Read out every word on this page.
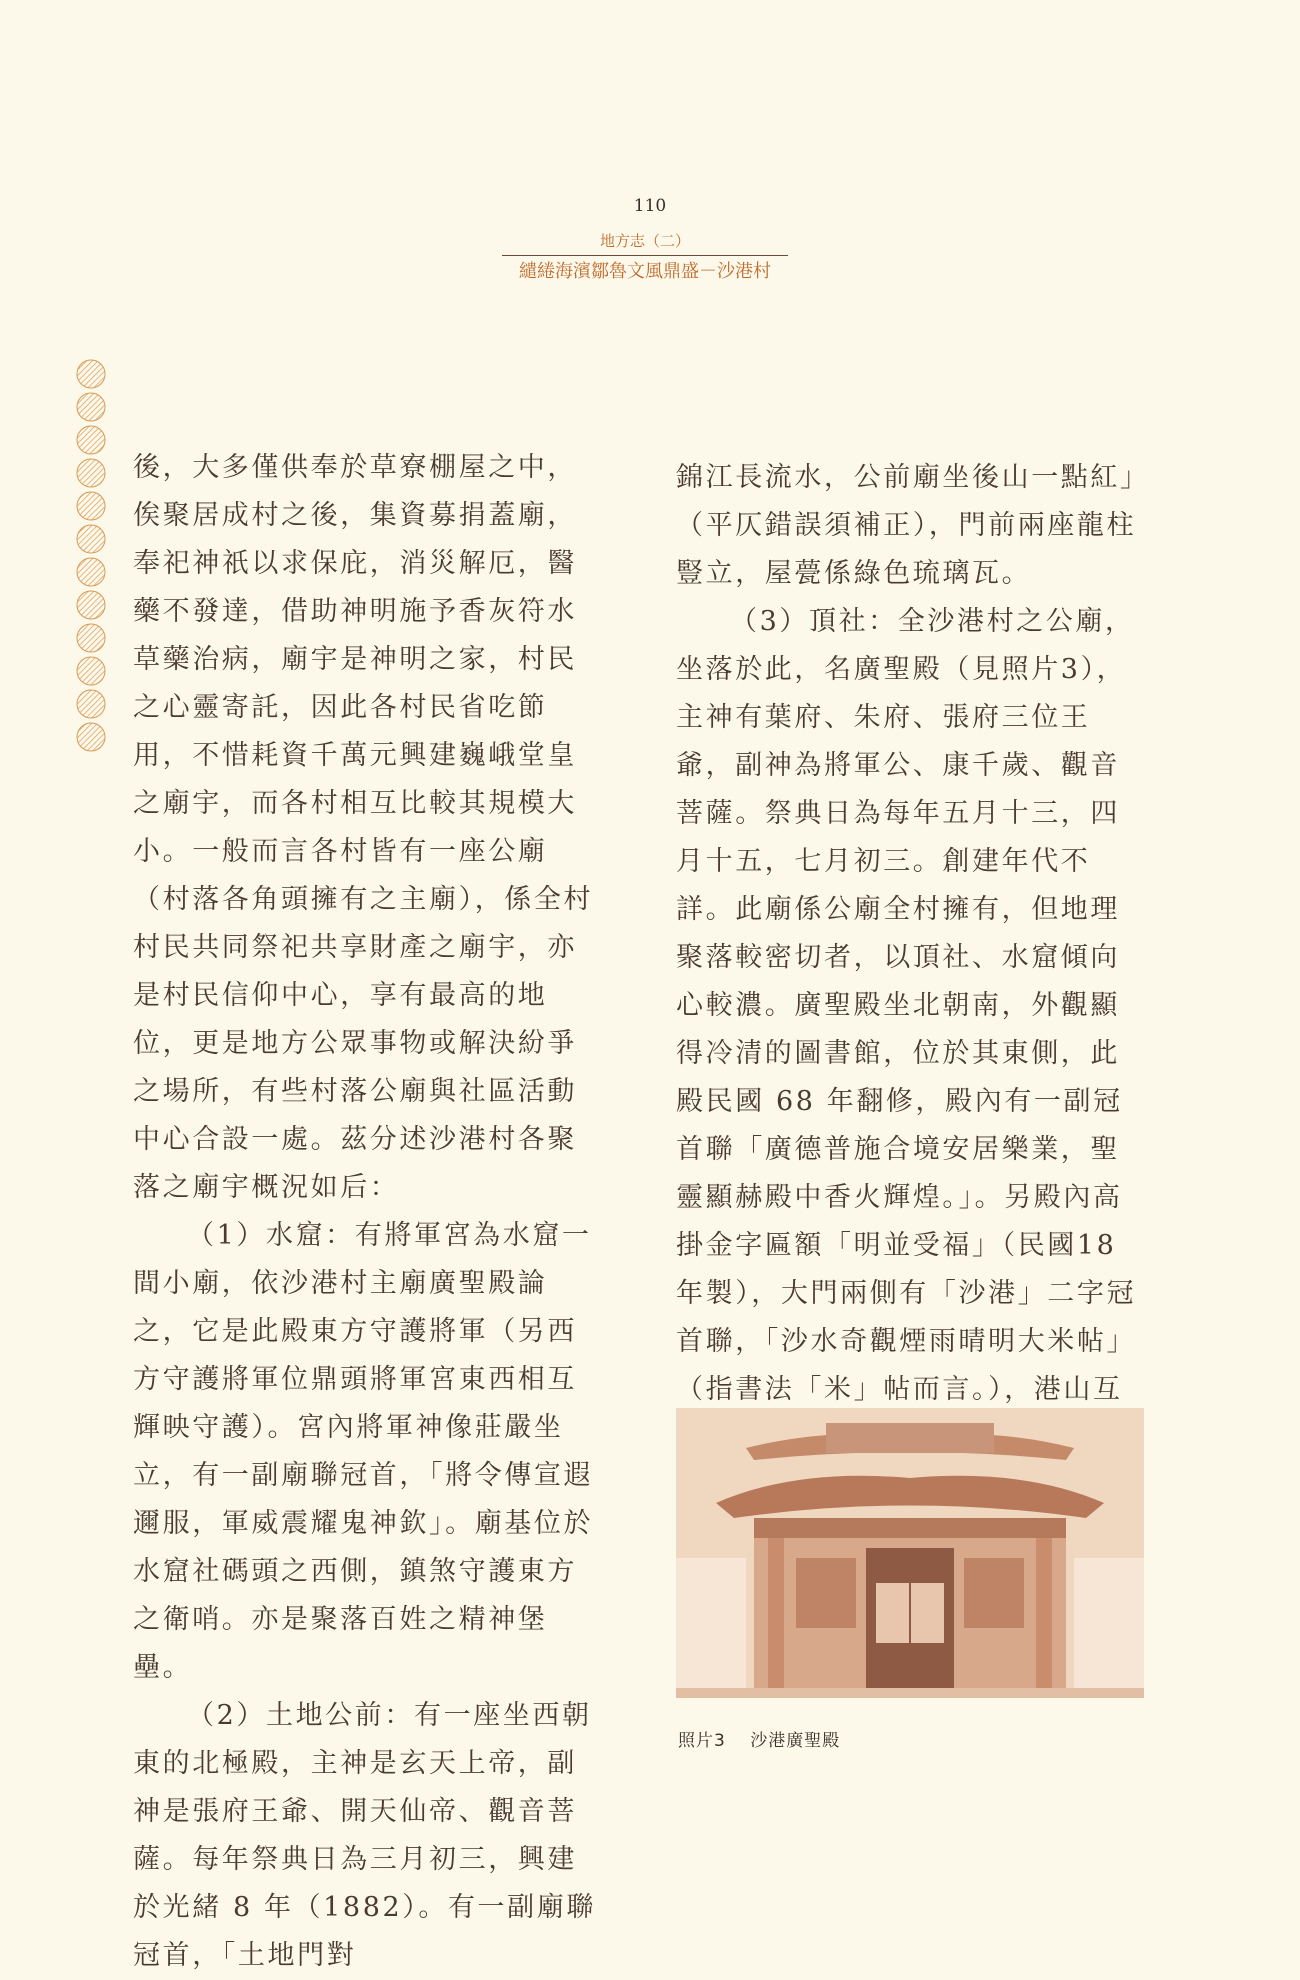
110
地方志（二）
繾綣海濱鄒魯文風鼎盛－沙港村

後，大多僅供奉於草寮棚屋之中，俟聚居成村之後，集資募捐蓋廟，奉祀神祇以求保庇，消災解厄，醫藥不發達，借助神明施予香灰符水草藥治病，廟宇是神明之家，村民之心靈寄託，因此各村民省吃節用，不惜耗資千萬元興建巍峨堂皇之廟宇，而各村相互比較其規模大小。一般而言各村皆有一座公廟（村落各角頭擁有之主廟），係全村村民共同祭祀共享財產之廟宇，亦是村民信仰中心，享有最高的地位，更是地方公眾事物或解決紛爭之場所，有些村落公廟與社區活動中心合設一處。茲分述沙港村各聚落之廟宇概況如后：

（1）水窟：有將軍宮為水窟一間小廟，依沙港村主廟廣聖殿論之，它是此殿東方守護將軍（另西方守護將軍位鼎頭將軍宮東西相互輝映守護）。宮內將軍神像莊嚴坐立，有一副廟聯冠首，「將令傳宣遐邇服，軍威震耀鬼神欽」。廟基位於水窟社碼頭之西側，鎮煞守護東方之衛哨。亦是聚落百姓之精神堡壘。

（2）土地公前：有一座坐西朝東的北極殿，主神是玄天上帝，副神是張府王爺、開天仙帝、觀音菩薩。每年祭典日為三月初三，興建於光緒 8 年（1882）。有一副廟聯冠首，「土地門對

錦江長流水，公前廟坐後山一點紅」（平仄錯誤須補正），門前兩座龍柱豎立，屋甍係綠色琉璃瓦。

（3）頂社：全沙港村之公廟，坐落於此，名廣聖殿（見照片3），主神有葉府、朱府、張府三位王爺，副神為將軍公、康千歲、觀音菩薩。祭典日為每年五月十三，四月十五，七月初三。創建年代不詳。此廟係公廟全村擁有，但地理聚落較密切者，以頂社、水窟傾向心較濃。廣聖殿坐北朝南，外觀顯得冷清的圖書館，位於其東側，此殿民國 68 年翻修，殿內有一副冠首聯「廣德普施合境安居樂業，聖靈顯赫殿中香火輝煌。」。另殿內高掛金字匾額「明並受福」（民國18年製），大門兩側有「沙港」二字冠首聯，「沙水奇觀煙雨晴明大米帖」（指書法「米」帖而言。），港山互

照片3 沙港廣聖殿
